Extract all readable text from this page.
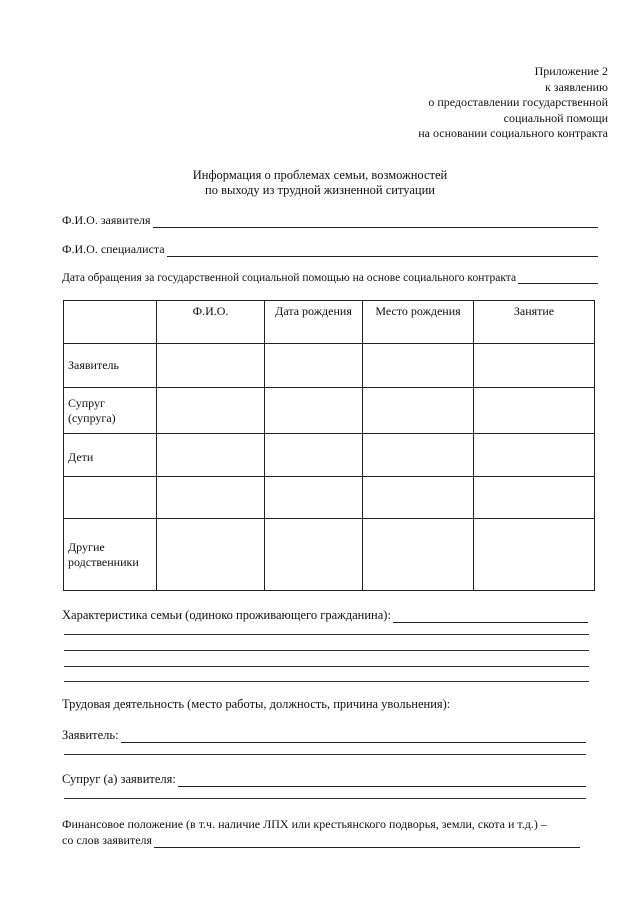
Приложение 2
к заявлению
о предоставлении государственной
социальной помощи
на основании социального контракта
Информация о проблемах семьи, возможностей
по выходу из трудной жизненной ситуации
Ф.И.О. заявителя
Ф.И.О. специалиста
Дата обращения за государственной социальной помощью на основе социального контракта
	Ф.И.О.	Дата рождения	Место рождения	Занятие

Заявитель				

Супруг
(супруга)				

Дети				

Другие
родственники				

Характеристика семьи (одиноко проживающего гражданина):
Трудовая деятельность (место работы, должность, причина увольнения):
Заявитель:
Супруг (а) заявителя:
Финансовое положение (в т.ч. наличие ЛПХ или крестьянского подворья, земли, скота и т.д.) –
со слов заявителя
